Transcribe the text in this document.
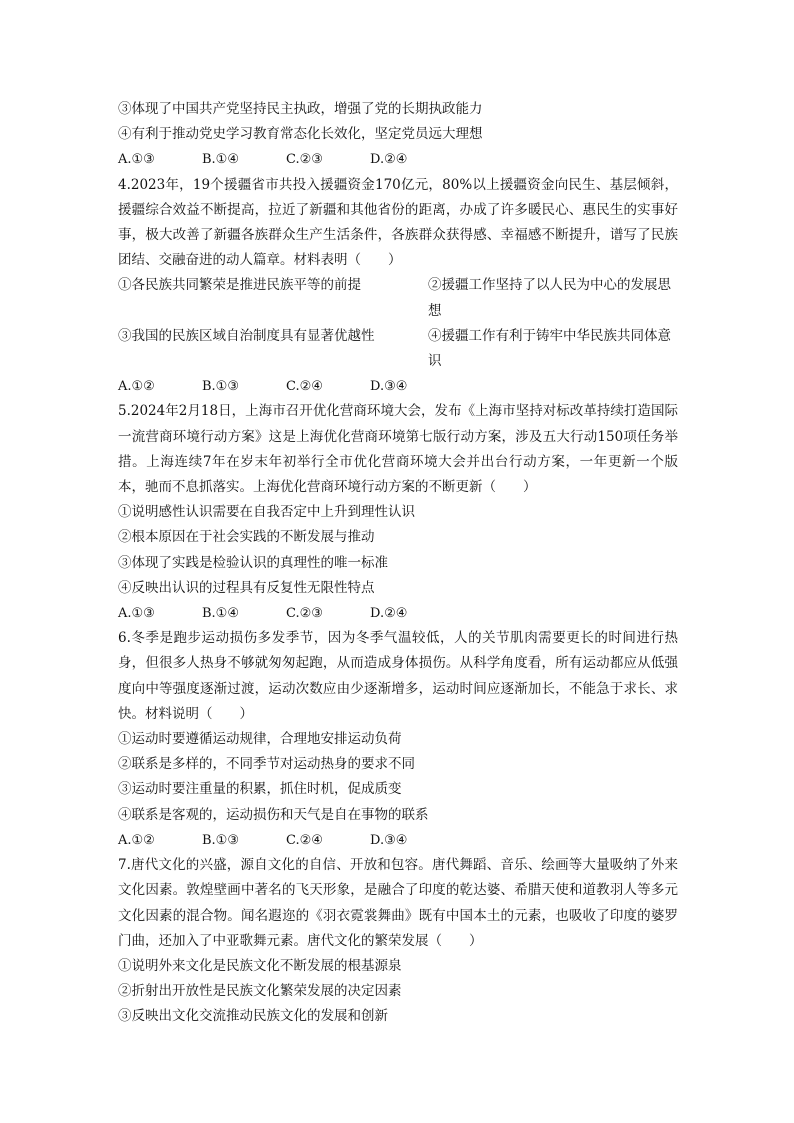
③体现了中国共产党坚持民主执政，增强了党的长期执政能力
④有利于推动党史学习教育常态化长效化，坚定党员远大理想
A.①③	B.①④	C.②③	D.②④
4.2023年，19个援疆省市共投入援疆资金170亿元，80%以上援疆资金向民生、基层倾斜，援疆综合效益不断提高，拉近了新疆和其他省份的距离，办成了许多暖民心、惠民生的实事好事，极大改善了新疆各族群众生产生活条件，各族群众获得感、幸福感不断提升，谱写了民族团结、交融奋进的动人篇章。材料表明（　　）
①各民族共同繁荣是推进民族平等的前提	②援疆工作坚持了以人民为中心的发展思想
③我国的民族区域自治制度具有显著优越性	④援疆工作有利于铸牢中华民族共同体意识
A.①②	B.①③	C.②④	D.③④
5.2024年2月18日，上海市召开优化营商环境大会，发布《上海市坚持对标改革持续打造国际一流营商环境行动方案》这是上海优化营商环境第七版行动方案，涉及五大行动150项任务举措。上海连续7年在岁末年初举行全市优化营商环境大会并出台行动方案，一年更新一个版本，驰而不息抓落实。上海优化营商环境行动方案的不断更新（　　）
①说明感性认识需要在自我否定中上升到理性认识
②根本原因在于社会实践的不断发展与推动
③体现了实践是检验认识的真理性的唯一标准
④反映出认识的过程具有反复性无限性特点
A.①③	B.①④	C.②③	D.②④
6.冬季是跑步运动损伤多发季节，因为冬季气温较低，人的关节肌肉需要更长的时间进行热身，但很多人热身不够就匆匆起跑，从而造成身体损伤。从科学角度看，所有运动都应从低强度向中等强度逐渐过渡，运动次数应由少逐渐增多，运动时间应逐渐加长，不能急于求长、求快。材料说明（　　）
①运动时要遵循运动规律，合理地安排运动负荷
②联系是多样的，不同季节对运动热身的要求不同
③运动时要注重量的积累，抓住时机，促成质变
④联系是客观的，运动损伤和天气是自在事物的联系
A.①②	B.①③	C.②④	D.③④
7.唐代文化的兴盛，源自文化的自信、开放和包容。唐代舞蹈、音乐、绘画等大量吸纳了外来文化因素。敦煌壁画中著名的飞天形象，是融合了印度的乾达婆、希腊天使和道教羽人等多元文化因素的混合物。闻名遐迩的《羽衣霓裳舞曲》既有中国本土的元素，也吸收了印度的婆罗门曲，还加入了中亚歌舞元素。唐代文化的繁荣发展（　　）
①说明外来文化是民族文化不断发展的根基源泉
②折射出开放性是民族文化繁荣发展的决定因素
③反映出文化交流推动民族文化的发展和创新
